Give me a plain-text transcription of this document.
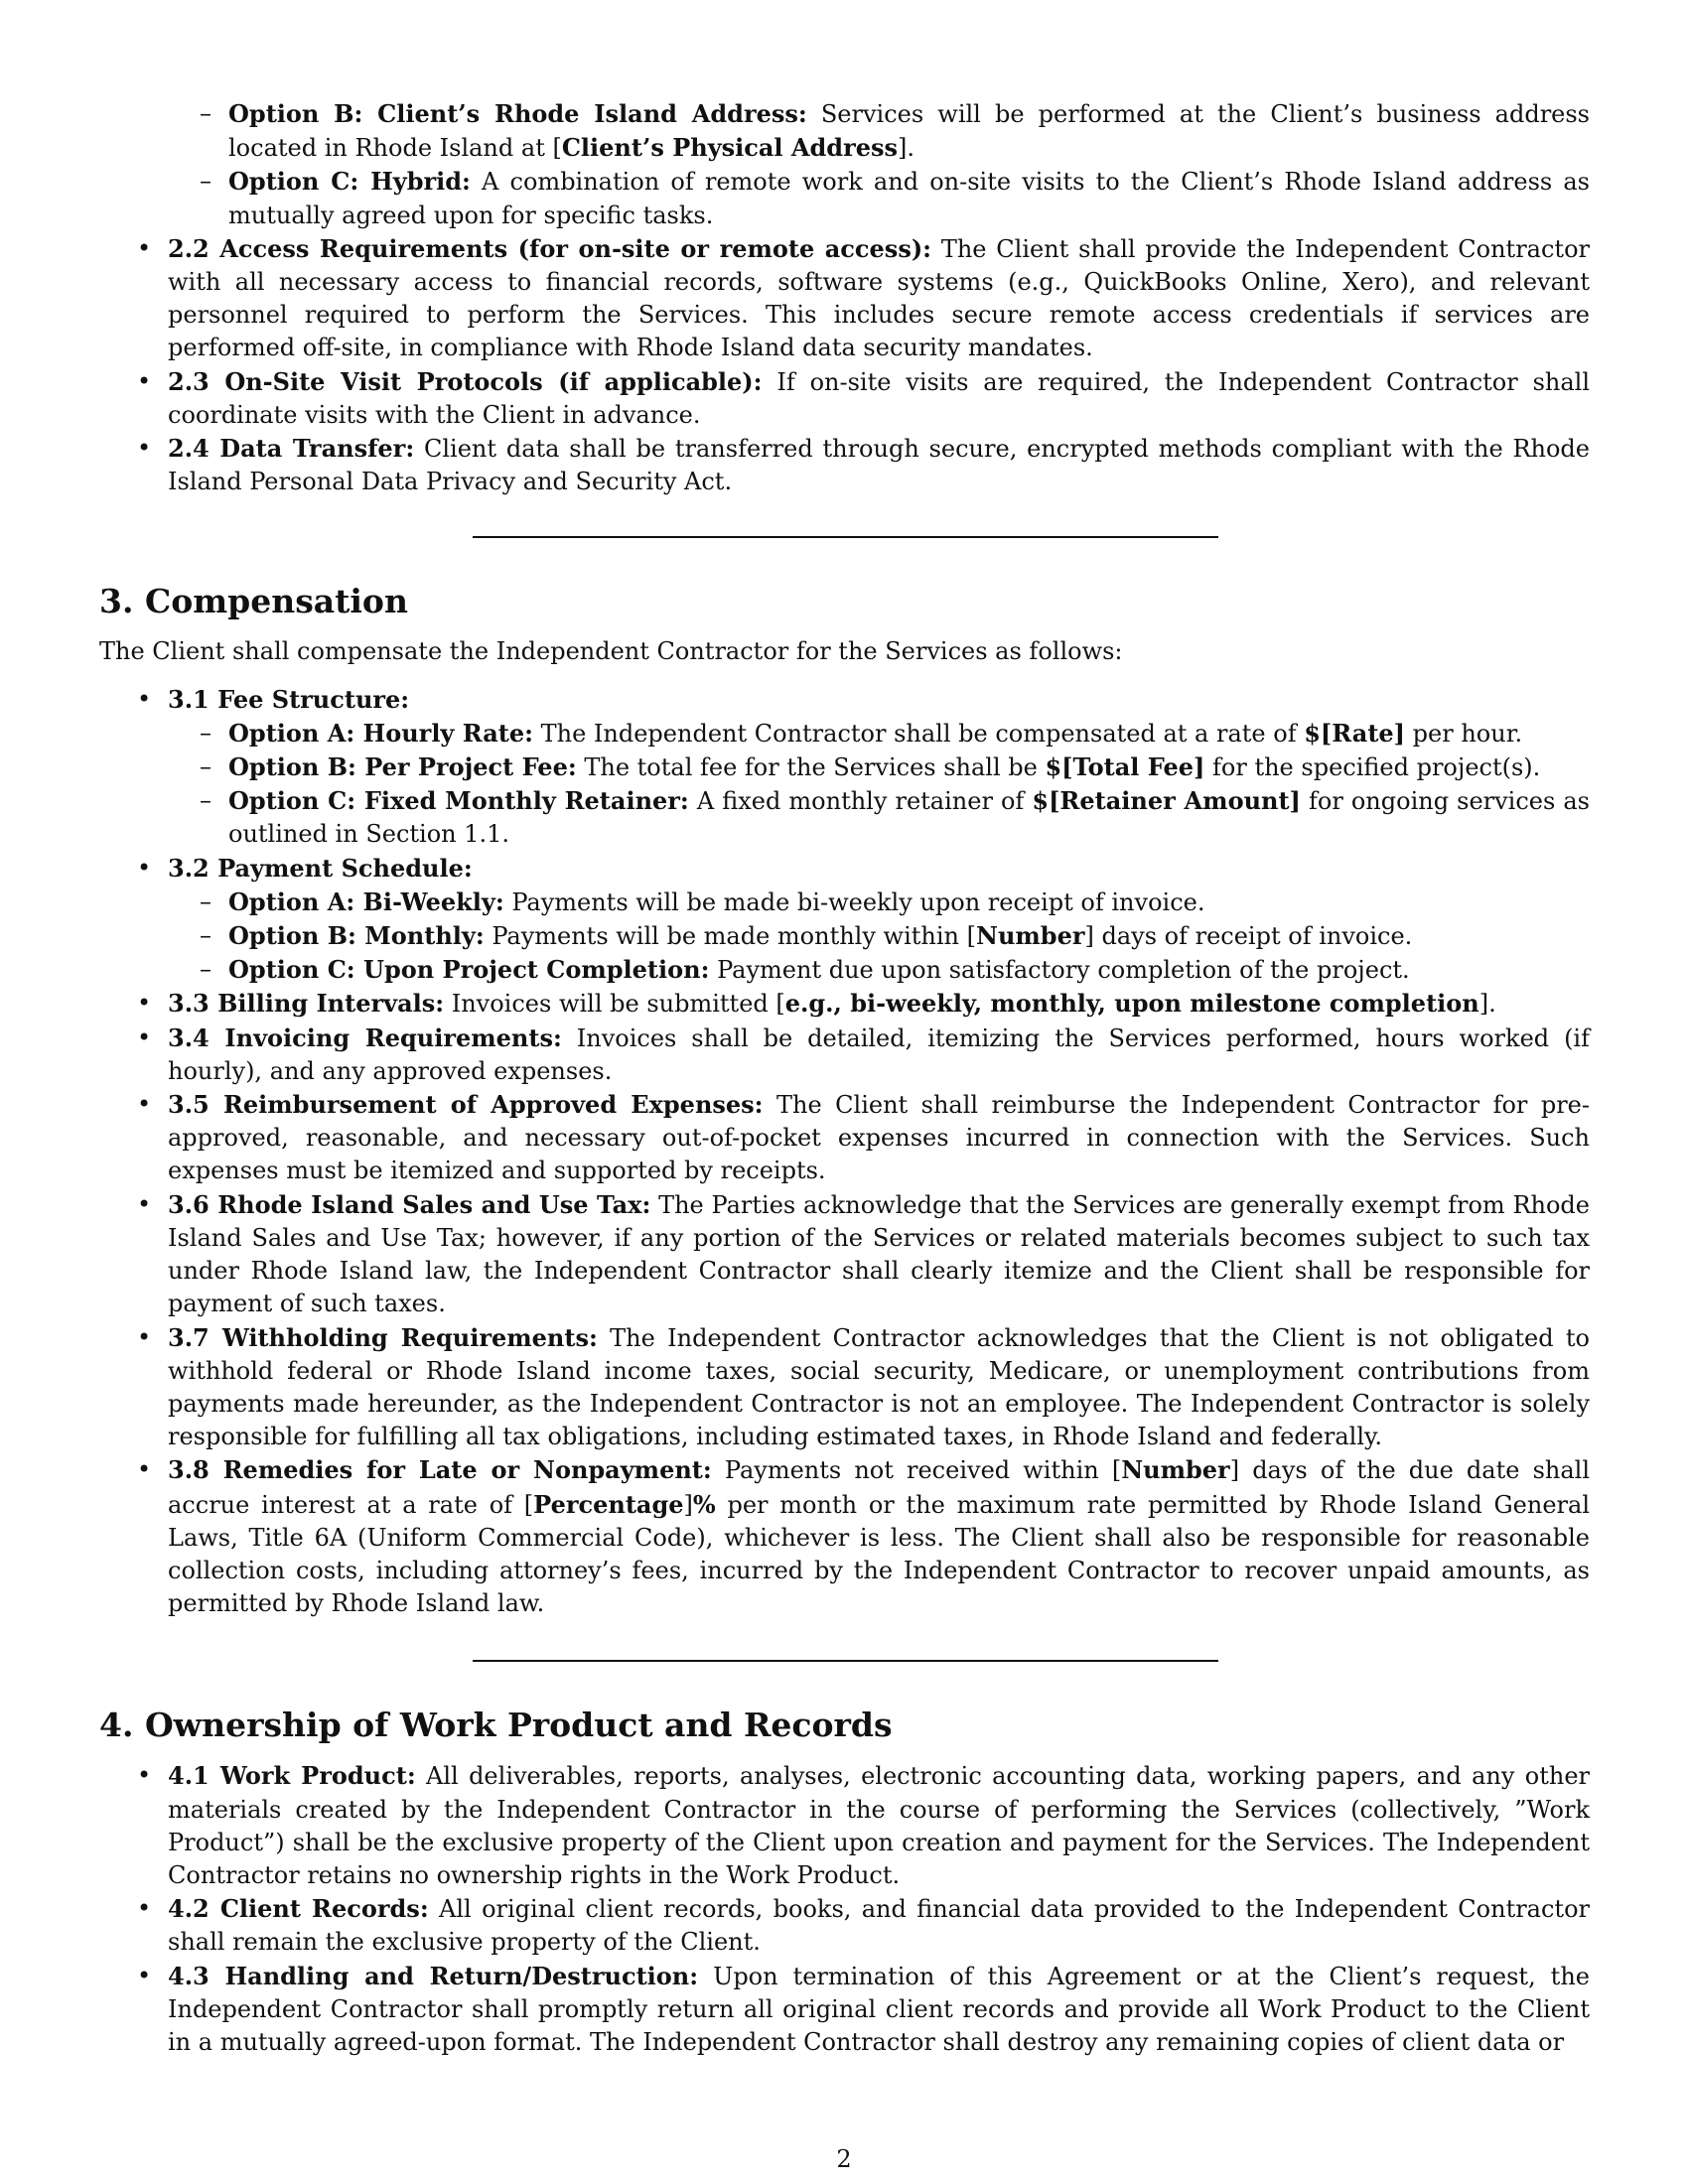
– Option B: Client’s Rhode Island Address: Services will be performed at the Client’s business address located in Rhode Island at [Client’s Physical Address].
– Option C: Hybrid: A combination of remote work and on-site visits to the Client’s Rhode Island address as mutually agreed upon for specific tasks.
• 2.2 Access Requirements (for on-site or remote access): The Client shall provide the Independent Contractor with all necessary access to financial records, software systems (e.g., QuickBooks Online, Xero), and relevant personnel required to perform the Services. This includes secure remote access credentials if services are performed off-site, in compliance with Rhode Island data security mandates.
• 2.3 On-Site Visit Protocols (if applicable): If on-site visits are required, the Independent Contractor shall coordinate visits with the Client in advance.
• 2.4 Data Transfer: Client data shall be transferred through secure, encrypted methods compliant with the Rhode Island Personal Data Privacy and Security Act.
3. Compensation

The Client shall compensate the Independent Contractor for the Services as follows:

• 3.1 Fee Structure:
– Option A: Hourly Rate: The Independent Contractor shall be compensated at a rate of $[Rate] per hour.
– Option B: Per Project Fee: The total fee for the Services shall be $[Total Fee] for the specified project(s).
– Option C: Fixed Monthly Retainer: A fixed monthly retainer of $[Retainer Amount] for ongoing services as outlined in Section 1.1.
• 3.2 Payment Schedule:
– Option A: Bi-Weekly: Payments will be made bi-weekly upon receipt of invoice.
– Option B: Monthly: Payments will be made monthly within [Number] days of receipt of invoice.
– Option C: Upon Project Completion: Payment due upon satisfactory completion of the project.
• 3.3 Billing Intervals: Invoices will be submitted [e.g., bi-weekly, monthly, upon milestone completion].
• 3.4 Invoicing Requirements: Invoices shall be detailed, itemizing the Services performed, hours worked (if hourly), and any approved expenses.
• 3.5 Reimbursement of Approved Expenses: The Client shall reimburse the Independent Contractor for pre-approved, reasonable, and necessary out-of-pocket expenses incurred in connection with the Services. Such expenses must be itemized and supported by receipts.
• 3.6 Rhode Island Sales and Use Tax: The Parties acknowledge that the Services are generally exempt from Rhode Island Sales and Use Tax; however, if any portion of the Services or related materials becomes subject to such tax under Rhode Island law, the Independent Contractor shall clearly itemize and the Client shall be responsible for payment of such taxes.
• 3.7 Withholding Requirements: The Independent Contractor acknowledges that the Client is not obligated to withhold federal or Rhode Island income taxes, social security, Medicare, or unemployment contributions from payments made hereunder, as the Independent Contractor is not an employee. The Independent Contractor is solely responsible for fulfilling all tax obligations, including estimated taxes, in Rhode Island and federally.
• 3.8 Remedies for Late or Nonpayment: Payments not received within [Number] days of the due date shall accrue interest at a rate of [Percentage]% per month or the maximum rate permitted by Rhode Island General Laws, Title 6A (Uniform Commercial Code), whichever is less. The Client shall also be responsible for reasonable collection costs, including attorney’s fees, incurred by the Independent Contractor to recover unpaid amounts, as permitted by Rhode Island law.
4. Ownership of Work Product and Records
• 4.1 Work Product: All deliverables, reports, analyses, electronic accounting data, working papers, and any other materials created by the Independent Contractor in the course of performing the Services (collectively, ”Work Product”) shall be the exclusive property of the Client upon creation and payment for the Services. The Independent Contractor retains no ownership rights in the Work Product.
• 4.2 Client Records: All original client records, books, and financial data provided to the Independent Contractor shall remain the exclusive property of the Client.
• 4.3 Handling and Return/Destruction: Upon termination of this Agreement or at the Client’s request, the Independent Contractor shall promptly return all original client records and provide all Work Product to the Client in a mutually agreed-upon format. The Independent Contractor shall destroy any remaining copies of client data or
2
